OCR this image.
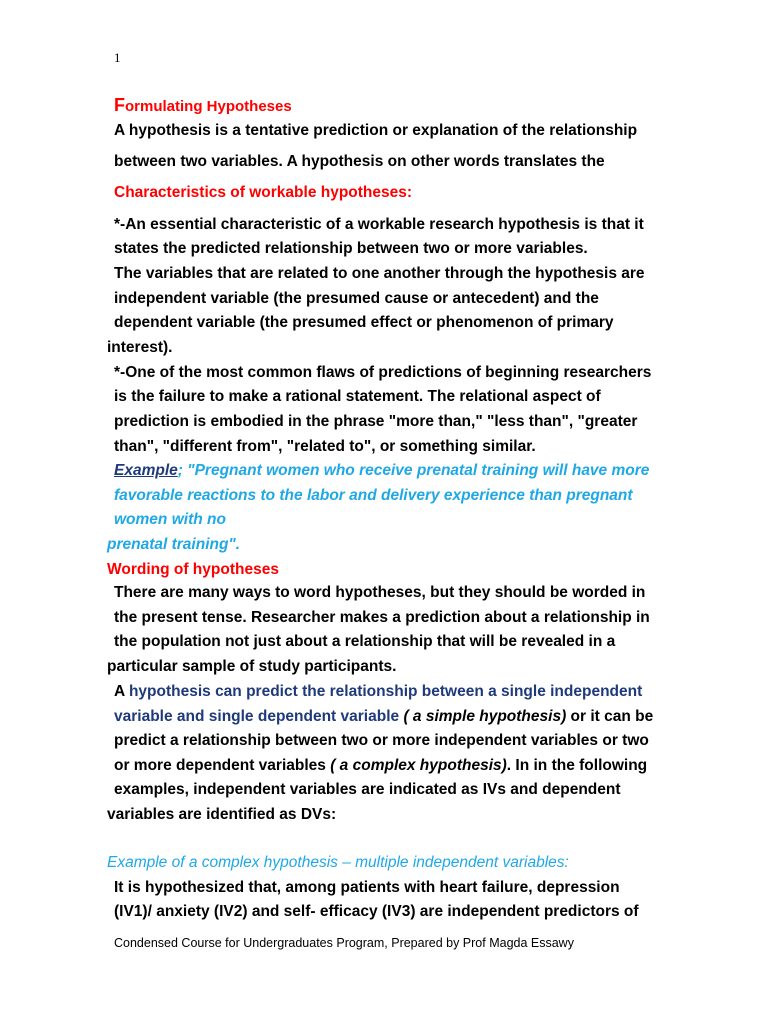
1
Formulating Hypotheses
A hypothesis is a tentative prediction or explanation of the relationship
between two variables. A hypothesis on other words translates the
Characteristics of workable hypotheses:
*-An essential characteristic of a workable research hypothesis is that it
states the predicted relationship between two or more variables.
The variables that are related to one another through the hypothesis are
independent variable (the presumed cause or antecedent) and the
dependent variable (the presumed effect or phenomenon of primary
interest).
*-One of the most common flaws of predictions of beginning researchers
is the failure to make a rational statement. The relational aspect of
prediction is embodied in the phrase "more than," "less than", "greater
than", "different from", "related to", or something similar.
Example; "Pregnant women who receive prenatal training will have more
favorable reactions to the labor and delivery experience than pregnant
women with no
prenatal training".
Wording of hypotheses
There are many ways to word hypotheses, but they should be worded in
the present tense. Researcher makes a prediction about a relationship in
the population not just about a relationship that will be revealed in a
particular sample of study participants.
A hypothesis can predict the relationship between a single independent
variable and single dependent variable ( a simple hypothesis) or it can be
predict a relationship between two or more independent variables or two
or more dependent variables ( a complex hypothesis). In in the following
examples, independent variables are indicated as IVs and dependent
variables are identified as DVs:
Example of a complex hypothesis – multiple independent variables:
It is hypothesized that, among patients with heart failure, depression
(IV1)/ anxiety (IV2) and self- efficacy (IV3) are independent predictors of
Condensed Course for Undergraduates Program, Prepared by Prof Magda Essawy
